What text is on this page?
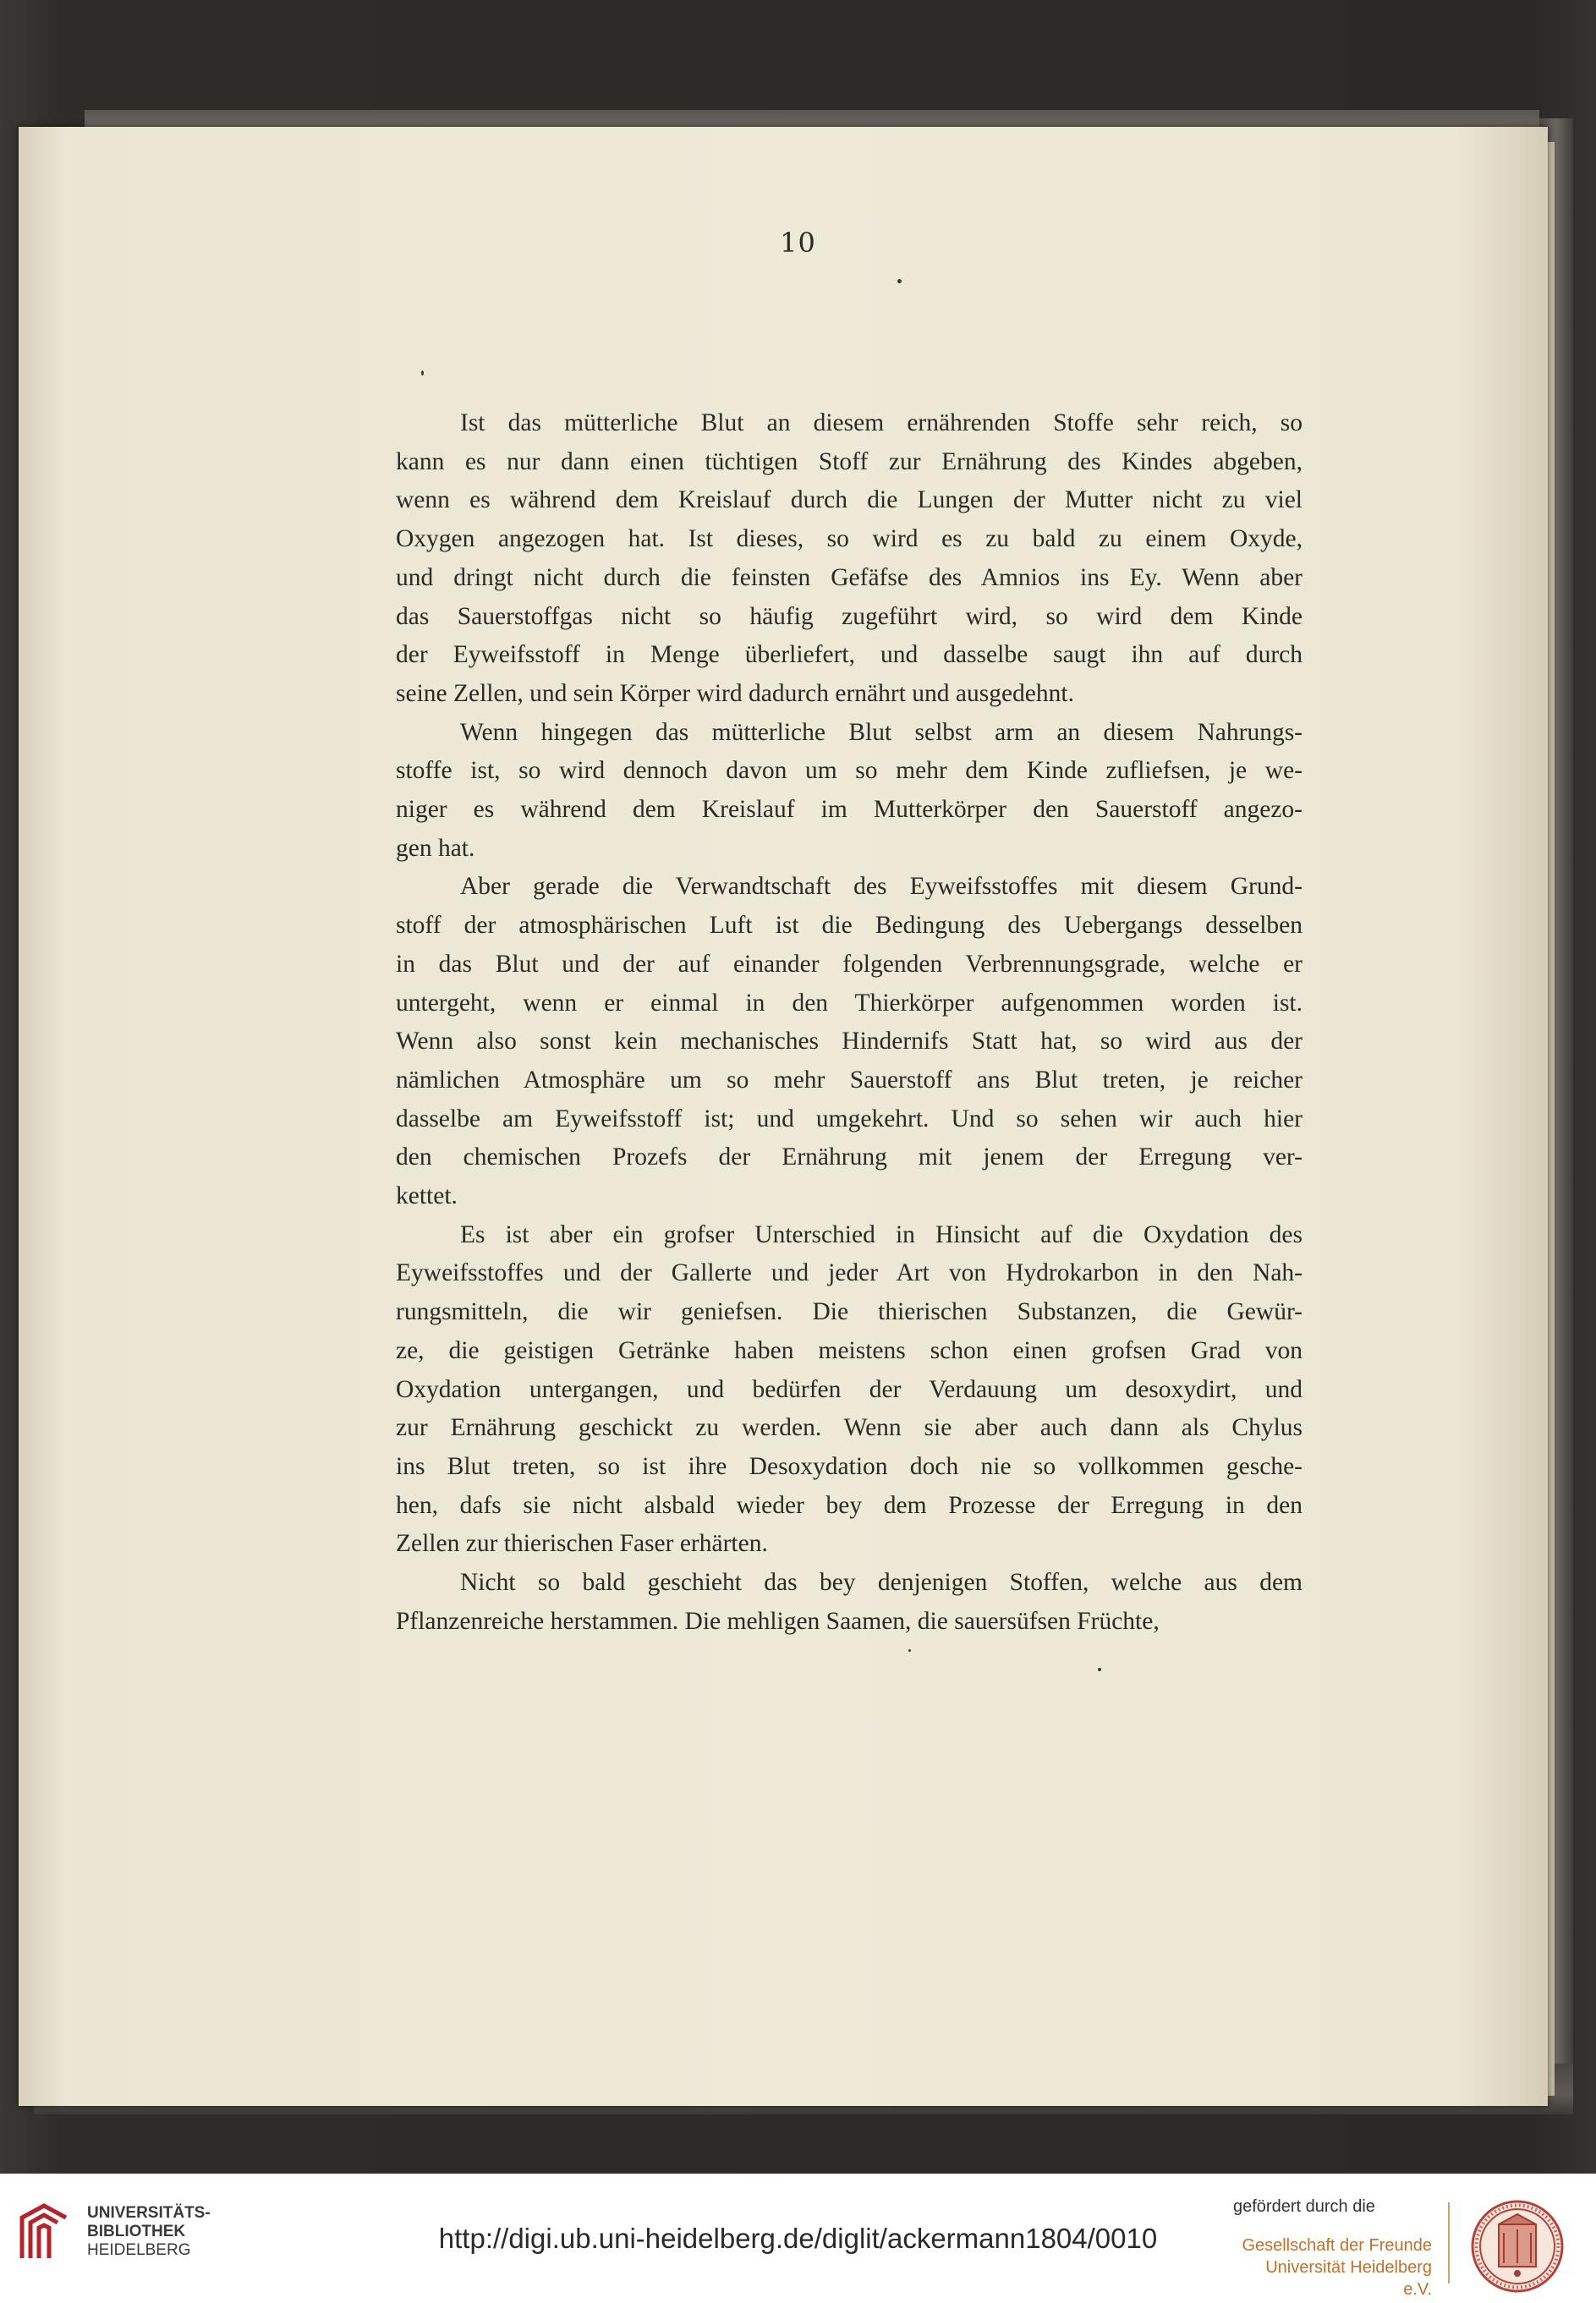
10

Ist das mütterliche Blut an diesem ernährenden Stoffe sehr reich, so
kann es nur dann einen tüchtigen Stoff zur Ernährung des Kindes abgeben,
wenn es während dem Kreislauf durch die Lungen der Mutter nicht zu viel
Oxygen angezogen hat. Ist dieses, so wird es zu bald zu einem Oxyde,
und dringt nicht durch die feinsten Gefäfse des Amnios ins Ey. Wenn aber
das Sauerstoffgas nicht so häufig zugeführt wird, so wird dem Kinde
der Eyweifsstoff in Menge überliefert, und dasselbe saugt ihn auf durch
seine Zellen, und sein Körper wird dadurch ernährt und ausgedehnt.

Wenn hingegen das mütterliche Blut selbst arm an diesem Nahrungs-
stoffe ist, so wird dennoch davon um so mehr dem Kinde zufliefsen, je we-
niger es während dem Kreislauf im Mutterkörper den Sauerstoff angezo-
gen hat.

Aber gerade die Verwandtschaft des Eyweifsstoffes mit diesem Grund-
stoff der atmosphärischen Luft ist die Bedingung des Uebergangs desselben
in das Blut und der auf einander folgenden Verbrennungsgrade, welche er
untergeht, wenn er einmal in den Thierkörper aufgenommen worden ist.
Wenn also sonst kein mechanisches Hindernifs Statt hat, so wird aus der
nämlichen Atmosphäre um so mehr Sauerstoff ans Blut treten, je reicher
dasselbe am Eyweifsstoff ist; und umgekehrt. Und so sehen wir auch hier
den chemischen Prozefs der Ernährung mit jenem der Erregung ver-
kettet.

Es ist aber ein grofser Unterschied in Hinsicht auf die Oxydation des
Eyweifsstoffes und der Gallerte und jeder Art von Hydrokarbon in den Nah-
rungsmitteln, die wir geniefsen. Die thierischen Substanzen, die Gewür-
ze, die geistigen Getränke haben meistens schon einen grofsen Grad von
Oxydation untergangen, und bedürfen der Verdauung um desoxydirt, und
zur Ernährung geschickt zu werden. Wenn sie aber auch dann als Chylus
ins Blut treten, so ist ihre Desoxydation doch nie so vollkommen gesche-
hen, dafs sie nicht alsbald wieder bey dem Prozesse der Erregung in den
Zellen zur thierischen Faser erhärten.

Nicht so bald geschieht das bey denjenigen Stoffen, welche aus dem
Pflanzenreiche herstammen. Die mehligen Saamen, die sauersüfsen Früchte,

UNIVERSITÄTS-
BIBLIOTHEK
HEIDELBERG	http://digi.ub.uni-heidelberg.de/diglit/ackermann1804/0010
gefördert durch die
Gesellschaft der Freunde
Universität Heidelberg e.V.
